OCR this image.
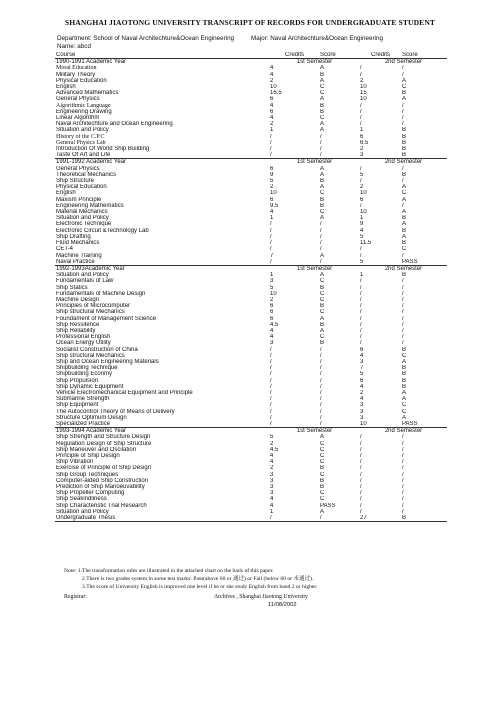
SHANGHAI JIAOTONG UNIVERSITY TRANSCRIPT OF RECORDS FOR UNDERGRADUATE STUDENT
Department: School of Naval Architechture&Ocean Engineering	Major: Naval Architechture&Ocean Engineering
Name: abcd
Course	Credits	Score	Credits	Score
1990-1991 Academic Year	1st Semester		2nd Semester	
Moral Education	4	A	/	/
Military Theory	4	B	/	/
Physical Education	2	A	2	A
English	10	C	10	C
Advanced Mathematics	16.5	C	15	B
General Physics	6	A	10	A
Algorithmic Language	4	B	/	/
Engineering Drawing	6	B	/	/
Linear Algorithm	4	C	/	/
Naval Architechture and Ocean Engineering	2	A	/	/
Situation and Policy	1	A	1	B
History of the C.P.C	/	/	6	B
General Physics Lab	/	/	6.5	B
Introduction Of World Ship Building	/	/	2	B
Taste Of Art and Life	/	/	3	B
1991-1992 Academic Year	1st Semester		2nd Semester	
General Physics	6	A	/	/
Theoretical Mechanics	9	A	5	B
Ship Structure	5	B	/	/
Physical Education	2	A	2	A
English	10	C	10	C
Maxism Principle	6	B	6	A
Engineering Mathematics	9.5	B	/	/
Material Mechanics	4	C	10	A
Situation and Policy	1	A	1	B
Electronic Technique	/	/	9	A
Electronic Circuit &Technology Lab	/	/	4	B
Ship Drafting	/	/	5	A
Fluid Mechanics	/	/	11.5	B
CET-4	/	/	/	C
Machine Training	7	A	/	/
Naval Practice	/	/	5	PASS
1992-1993Academic Year	1st Semester		2nd Semester	
Situation and Policy	1	A	1	B
Fundamentals of Law	3	C	/	/
Ship Statics	5	B	/	/
Fundamentals of Machine Design	10	C	/	/
Machine Design	2	C	/	/
Principles of Microcomputer	6	B	/	/
Ship structural Mechanics	6	C	/	/
Foundament of Management Science	6	A	/	/
Ship Ressitence	4.5	B	/	/
Ship Reliability	4	A	/	/
Professional English	4	C	/	/
Ocean Energy Utility	3	B	/	/
Socialist Construction of China	/	/	6	B
Ship structural Mechanics	/	/	4	C
Ship and Ocean Engineering Materials	/	/	3	A
Shipbuilding Technique	/	/	7	B
Shipbuilding Econmy	/	/	5	B
Ship Propulsion	/	/	6	B
Ship Dynamic Equipment	/	/	4	B
Vehicle Electromechanical Equipment and Principle	/	/	2	A
Submarine Strength	/	/	4	A
Ship Equipment	/	/	3	C
The Autocontrol Theory of Means of Delivery	/	/	3	C
Structure Optimum Design	/	/	3	A
Specialized Practice	/	/	10	PASS
1993-1994 Academic Year	1st Semester		2nd Semester	
Ship Strength and Structure Design	5	A	/	/
Regulation Design of Ship Structure	2	C	/	/
Ship Maneuver and Oscilation	4.5	C	/	/
Principle of Ship Design	4	C	/	/
Ship Vibration	4	C	/	/
Exercise of Principle of Ship Design	2	B	/	/
Ship Group Techniques	3	C	/	/
Computer-aided Ship Construction	3	B	/	/
Prediction of Ship Manoeuvability	3	B	/	/
Ship Propeller Computing	3	C	/	/
Ship Seakindliness	4	C	/	/
Ship Characteristic Trial Research	4	PASS	/	/
Situation and Policy	1	A	/	/
Undergraduate Thesis	/	/	27	B
Note: 1.The transformation rules are illustrated in the attached chart on the back of this paper.
2.There is two grades system in some test marks: Pass(above 60 or 通过) or Fail (below 60 or 未通过).
3.The score of University English is improved one level if he or she study English from band 2 or higher.
Registrar:	Archives , Shanghai Jiaotong University
11/08/2002
